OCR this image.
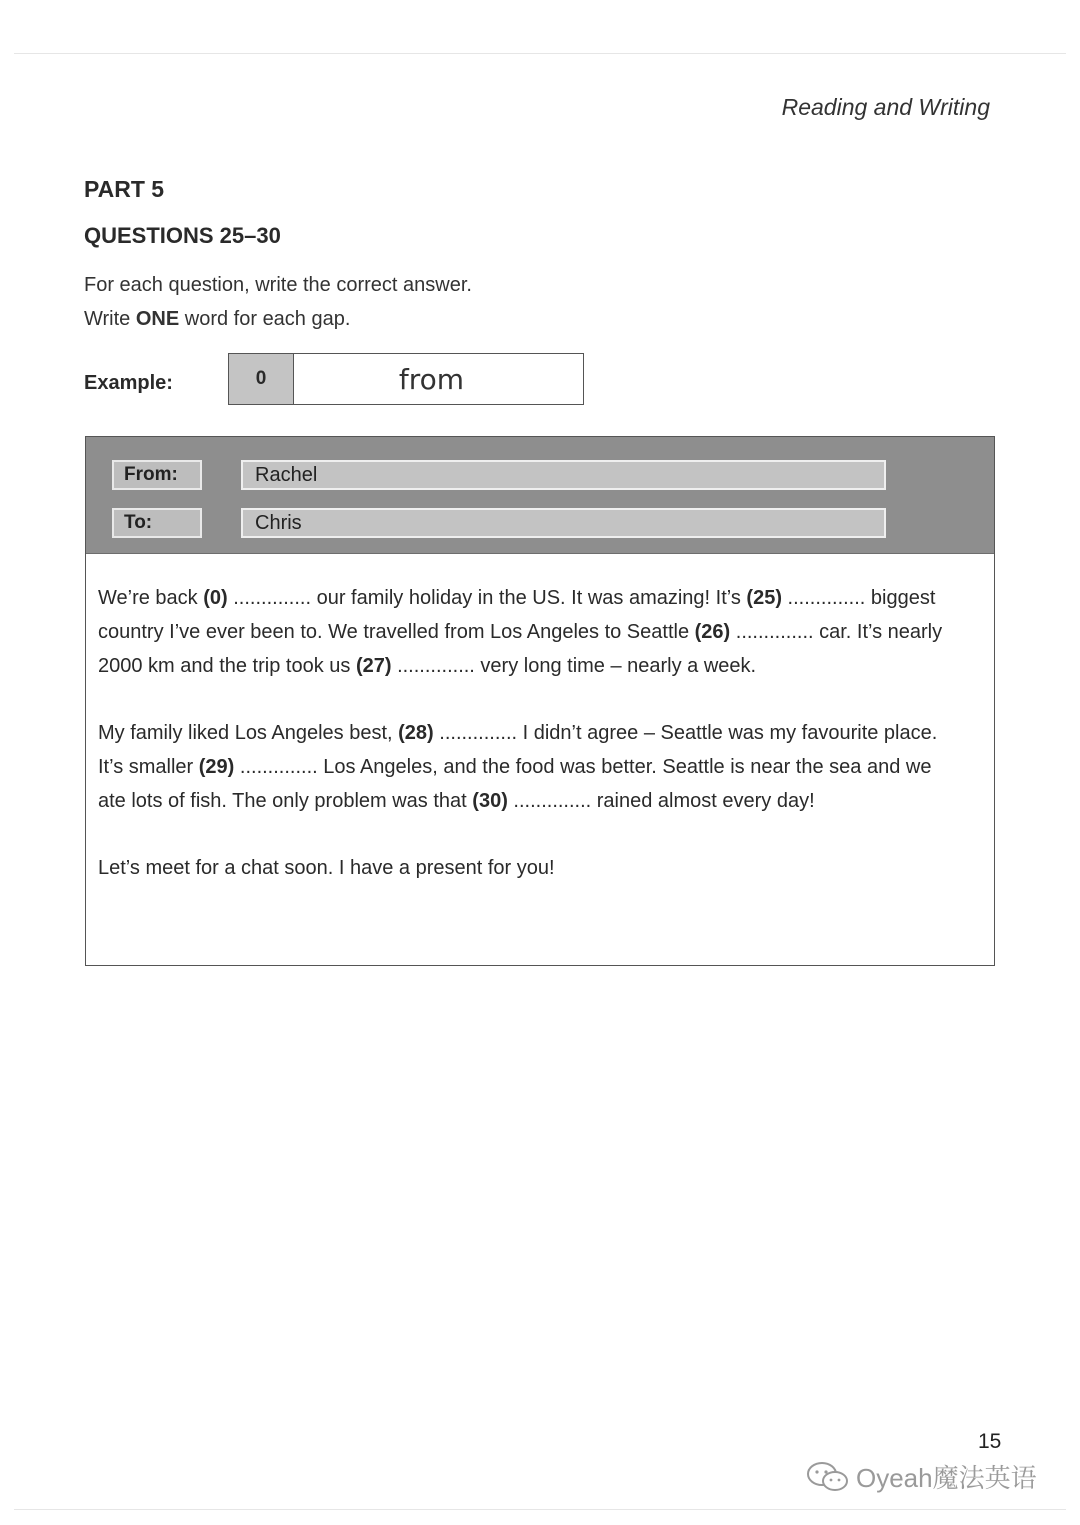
Reading and Writing
PART 5
QUESTIONS 25–30
For each question, write the correct answer.
Write ONE word for each gap.
Example:	0	from
From:	Rachel
To:	Chris

We’re back (0) .............. our family holiday in the US. It was amazing! It’s (25) .............. biggest country I’ve ever been to. We travelled from Los Angeles to Seattle (26) .............. car. It’s nearly 2000 km and the trip took us (27) .............. very long time – nearly a week.

My family liked Los Angeles best, (28) .............. I didn’t agree – Seattle was my favourite place. It’s smaller (29) .............. Los Angeles, and the food was better. Seattle is near the sea and we ate lots of fish. The only problem was that (30) .............. rained almost every day!

Let’s meet for a chat soon. I have a present for you!

15
Oyeah魔法英语
